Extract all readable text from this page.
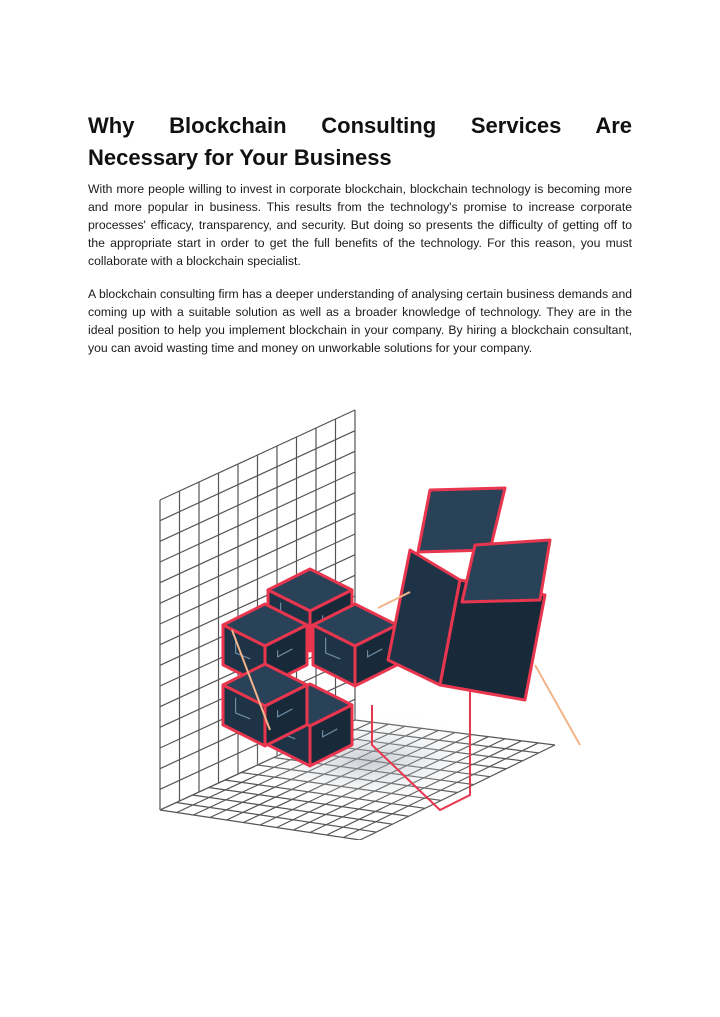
Why Blockchain Consulting Services Are Necessary for Your Business

With more people willing to invest in corporate blockchain, blockchain technology is becoming more and more popular in business. This results from the technology's promise to increase corporate processes' efficacy, transparency, and security. But doing so presents the difficulty of getting off to the appropriate start in order to get the full benefits of the technology. For this reason, you must collaborate with a blockchain specialist.

A blockchain consulting firm has a deeper understanding of analysing certain business demands and coming up with a suitable solution as well as a broader knowledge of technology. They are in the ideal position to help you implement blockchain in your company. By hiring a blockchain consultant, you can avoid wasting time and money on unworkable solutions for your company.
